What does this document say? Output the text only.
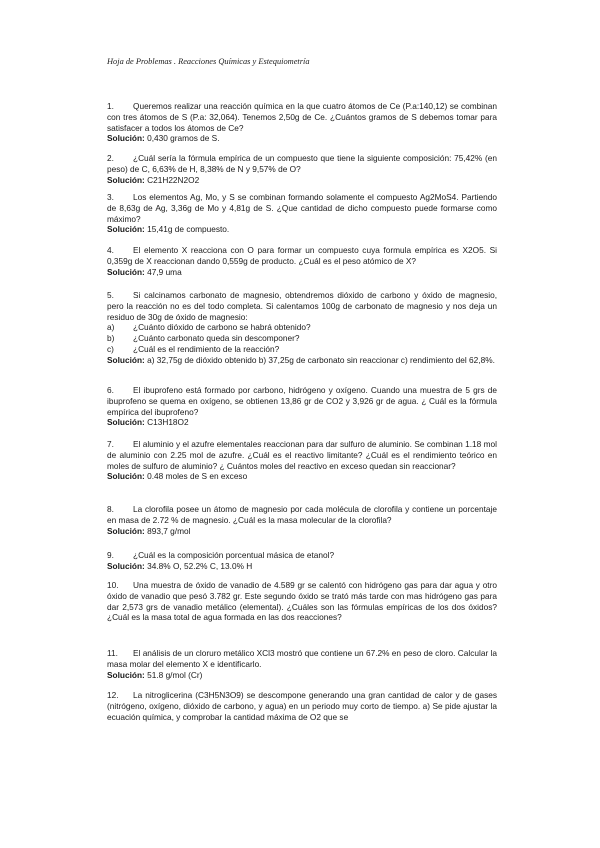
Hoja de Problemas . Reacciones Químicas y Estequiometría

1. Queremos realizar una reacción química en la que cuatro átomos de Ce (P.a:140,12) se combinan con tres átomos de S (P.a: 32,064). Tenemos 2,50g de Ce. ¿Cuántos gramos de S debemos tomar para satisfacer a todos los átomos de Ce?

Solución: 0,430 gramos de S.

2. ¿Cuál sería la fórmula empírica de un compuesto que tiene la siguiente composición: 75,42% (en peso) de C, 6,63% de H, 8,38% de N y 9,57% de O?

Solución: C21H22N2O2

3. Los elementos Ag, Mo, y S se combinan formando solamente el compuesto Ag2MoS4. Partiendo de 8,63g de Ag, 3,36g de Mo y 4,81g de S. ¿Que cantidad de dicho compuesto puede formarse como máximo?

Solución: 15,41g de compuesto.

4. El elemento X reacciona con O para formar un compuesto cuya formula empírica es X2O5. Si 0,359g de X reaccionan dando 0,559g de producto. ¿Cuál es el peso atómico de X?

Solución: 47,9 uma

5. Si calcinamos carbonato de magnesio, obtendremos dióxido de carbono y óxido de magnesio, pero la reacción no es del todo completa. Si calentamos 100g de carbonato de magnesio y nos deja un residuo de 30g de óxido de magnesio:

a)	¿Cuánto dióxido de carbono se habrá obtenido?
b)	¿Cuánto carbonato queda sin descomponer?
c)	¿Cuál es el rendimiento de la reacción?

Solución: a) 32,75g de dióxido obtenido b) 37,25g de carbonato sin reaccionar c) rendimiento del 62,8%.

6. El ibuprofeno está formado por carbono, hidrógeno y oxígeno. Cuando una muestra de 5 grs de ibuprofeno se quema en oxígeno, se obtienen 13,86 gr de CO2 y 3,926 gr de agua. ¿ Cuál es la fórmula empírica del ibuprofeno?

Solución: C13H18O2

7. El aluminio y el azufre elementales reaccionan para dar sulfuro de aluminio. Se combinan 1.18 mol de aluminio con 2.25 mol de azufre. ¿Cuál es el reactivo limitante? ¿Cuál es el rendimiento teórico en moles de sulfuro de aluminio? ¿ Cuántos moles del reactivo en exceso quedan sin reaccionar?

Solución: 0.48 moles de S en exceso

8. La clorofila posee un átomo de magnesio por cada molécula de clorofila y contiene un porcentaje en masa de 2.72 % de magnesio. ¿Cuál es la masa molecular de la clorofila?

Solución: 893,7 g/mol

9. ¿Cuál es la composición porcentual másica de etanol?

Solución: 34.8% O, 52.2% C, 13.0% H

10. Una muestra de óxido de vanadio de 4.589 gr se calentó con hidrógeno gas para dar agua y otro óxido de vanadio que pesó 3.782 gr. Este segundo óxido se trató más tarde con mas hidrógeno gas para dar 2,573 grs de vanadio metálico (elemental). ¿Cuáles son las fórmulas empíricas de los dos óxidos? ¿Cuál es la masa total de agua formada en las dos reacciones?

11. El análisis de un cloruro metálico XCl3 mostró que contiene un 67.2% en peso de cloro. Calcular la masa molar del elemento X e identificarlo.

Solución: 51.8 g/mol (Cr)

12. La nitroglicerina (C3H5N3O9) se descompone generando una gran cantidad de calor y de gases (nitrógeno, oxígeno, dióxido de carbono, y agua) en un periodo muy corto de tiempo. a) Se pide ajustar la ecuación química, y comprobar la cantidad máxima de O2 que se
